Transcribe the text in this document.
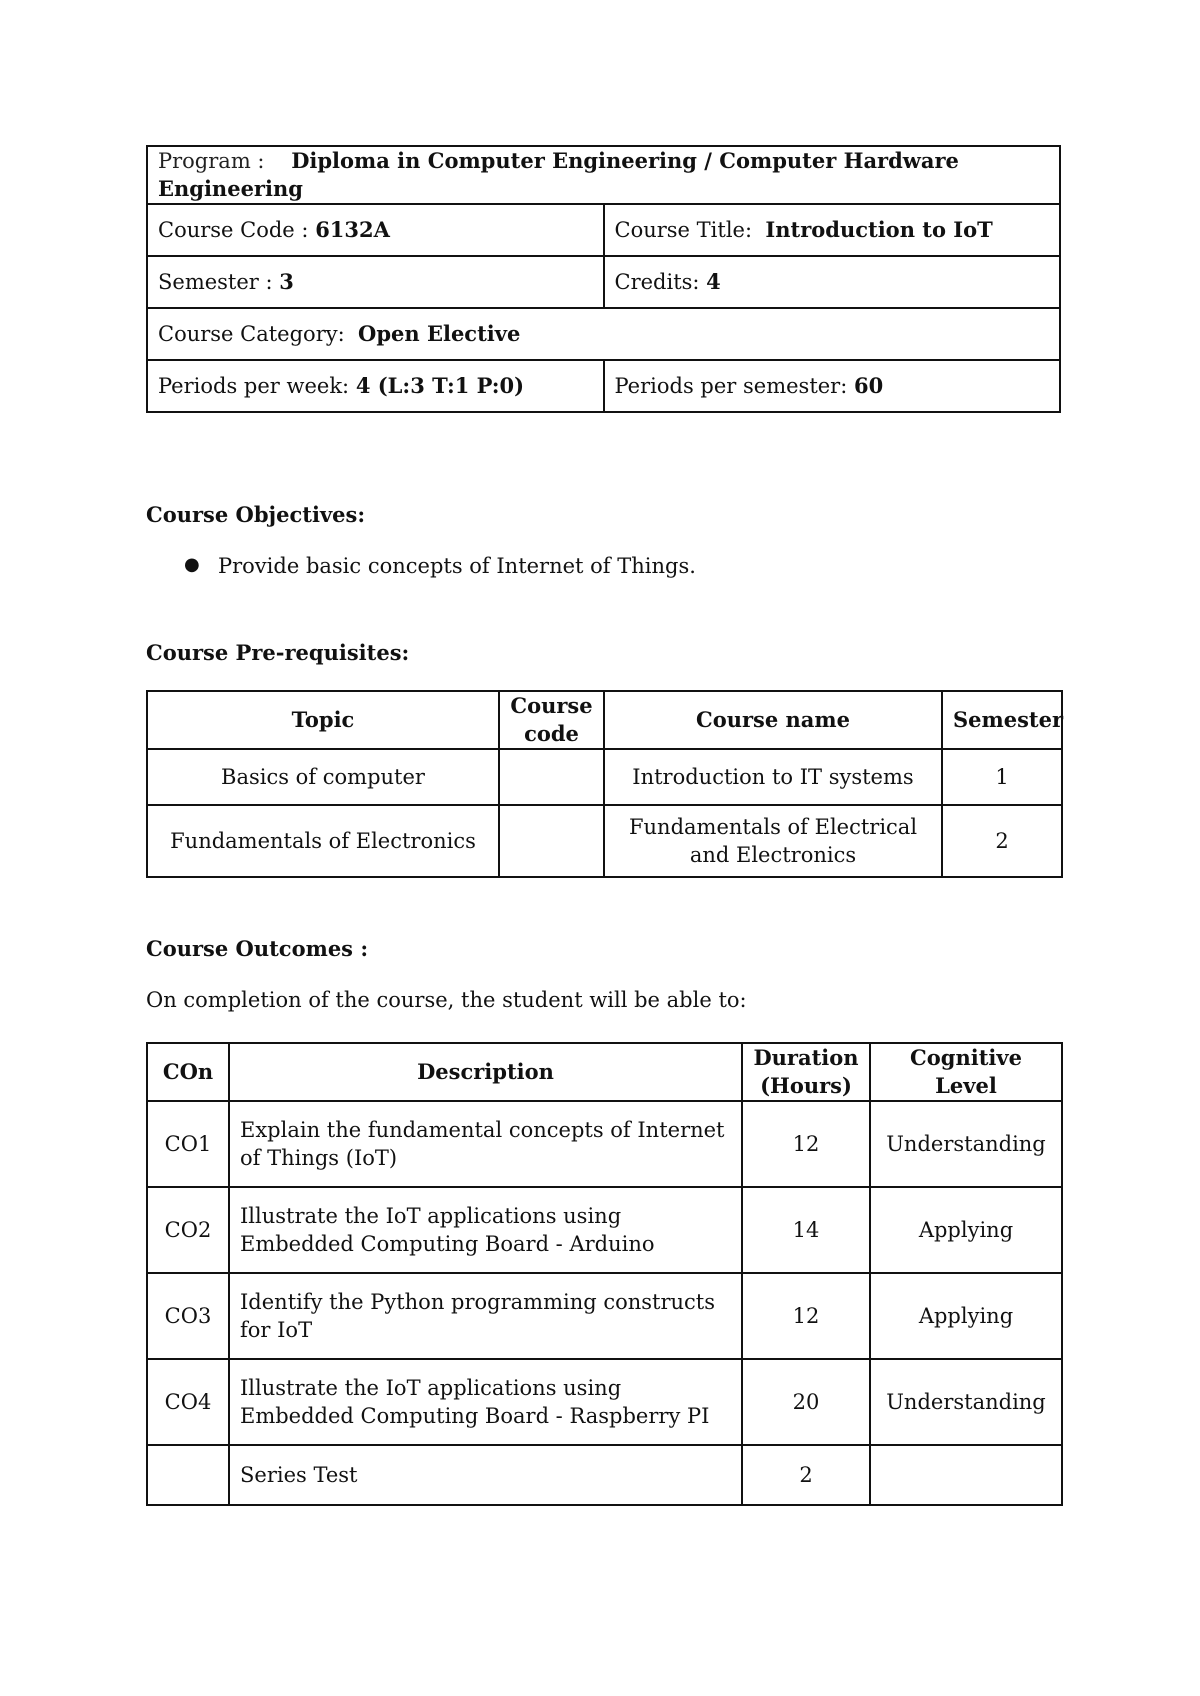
Program : Diploma in Computer Engineering / Computer Hardware Engineering	
Course Code : 6132A	Course Title: Introduction to IoT
Semester : 3	Credits: 4
Course Category: Open Elective	
Periods per week: 4 (L:3 T:1 P:0)	Periods per semester: 60
Course Objectives:
● Provide basic concepts of Internet of Things.
Course Pre-requisites:
Topic	Course code	Course name	Semester
Basics of computer		Introduction to IT systems	1
Fundamentals of Electronics		Fundamentals of Electrical and Electronics	2
Course Outcomes :
On completion of the course, the student will be able to:
COn	Description	Duration (Hours)	Cognitive Level
CO1	Explain the fundamental concepts of Internet of Things (IoT)	12	Understanding
CO2	Illustrate the IoT applications using Embedded Computing Board - Arduino	14	Applying
CO3	Identify the Python programming constructs for IoT	12	Applying
CO4	Illustrate the IoT applications using Embedded Computing Board - Raspberry PI	20	Understanding
	Series Test	2	
